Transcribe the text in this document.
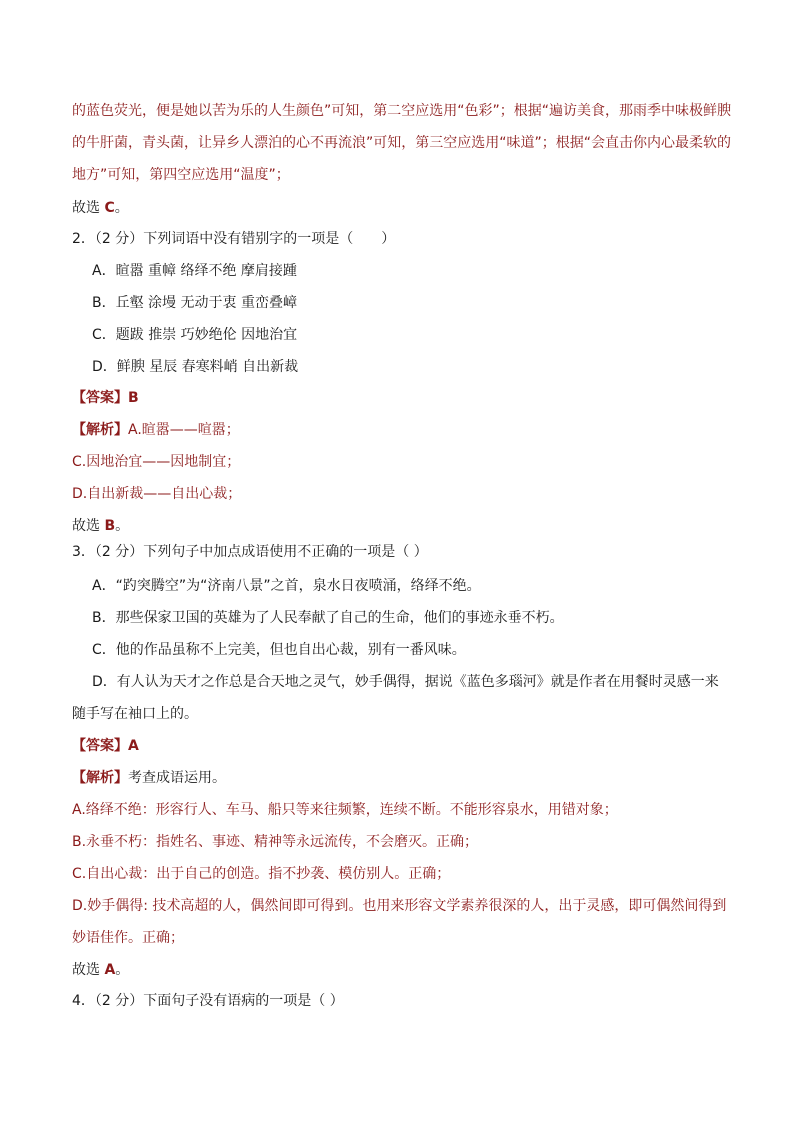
的蓝色荧光，便是她以苦为乐的人生颜色”可知，第二空应选用“色彩”；根据“遍访美食，那雨季中味极鲜腴
的牛肝菌，青头菌，让异乡人漂泊的心不再流浪”可知，第三空应选用“味道”；根据“会直击你内心最柔软的
地方”可知，第四空应选用“温度”；
故选 C。
2．（2 分）下列词语中没有错别字的一项是（　　）
A．暄嚣 重幛 络绎不绝 摩肩接踵
B．丘壑 涂墁 无动于衷 重峦叠嶂
C．题跋 推崇 巧妙绝伦 因地治宜
D．鲜腴 星辰 春寒料峭 自出新裁
【答案】B
【解析】A.暄嚣——喧嚣；
C.因地治宜——因地制宜；
D.自出新裁——自出心裁；
故选 B。
3．（2 分）下列句子中加点成语使用不正确的一项是（ ）
A．“趵突腾空”为“济南八景”之首，泉水日夜喷涌，络绎不绝。
B．那些保家卫国的英雄为了人民奉献了自己的生命，他们的事迹永垂不朽。
C．他的作品虽称不上完美，但也自出心裁，别有一番风味。
D．有人认为天才之作总是合天地之灵气，妙手偶得，据说《蓝色多瑙河》就是作者在用餐时灵感一来
随手写在袖口上的。
【答案】A
【解析】考查成语运用。
A.络绎不绝：形容行人、车马、船只等来往频繁，连续不断。不能形容泉水，用错对象；
B.永垂不朽：指姓名、事迹、精神等永远流传，不会磨灭。正确；
C.自出心裁：出于自己的创造。指不抄袭、模仿别人。正确；
D.妙手偶得: 技术高超的人，偶然间即可得到。也用来形容文学素养很深的人，出于灵感，即可偶然间得到
妙语佳作。正确；
故选 A。
4．（2 分）下面句子没有语病的一项是（ ）
